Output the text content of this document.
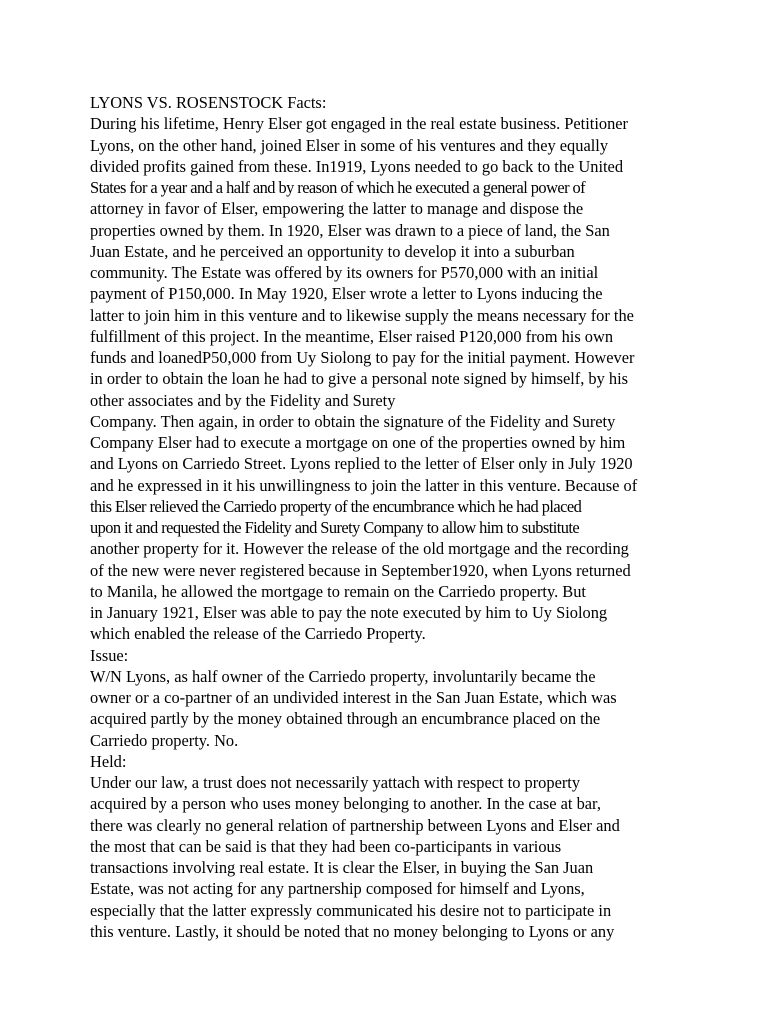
LYONS VS. ROSENSTOCK Facts:
During his lifetime, Henry Elser got engaged in the real estate business. Petitioner
Lyons, on the other hand, joined Elser in some of his ventures and they equally
divided profits gained from these. In1919, Lyons needed to go back to the United
States for a year and a half and by reason of which he executed a general power of
attorney in favor of Elser, empowering the latter to manage and dispose the
properties owned by them. In 1920, Elser was drawn to a piece of land, the San
Juan Estate, and he perceived an opportunity to develop it into a suburban
community. The Estate was offered by its owners for P570,000 with an initial
payment of P150,000. In May 1920, Elser wrote a letter to Lyons inducing the
latter to join him in this venture and to likewise supply the means necessary for the
fulfillment of this project. In the meantime, Elser raised P120,000 from his own
funds and loanedP50,000 from Uy Siolong to pay for the initial payment. However
in order to obtain the loan he had to give a personal note signed by himself, by his
other associates and by the Fidelity and Surety
Company. Then again, in order to obtain the signature of the Fidelity and Surety
Company Elser had to execute a mortgage on one of the properties owned by him
and Lyons on Carriedo Street. Lyons replied to the letter of Elser only in July 1920
and he expressed in it his unwillingness to join the latter in this venture. Because of
this Elser relieved the Carriedo property of the encumbrance which he had placed
upon it and requested the Fidelity and Surety Company to allow him to substitute
another property for it. However the release of the old mortgage and the recording
of the new were never registered because in September1920, when Lyons returned
to Manila, he allowed the mortgage to remain on the Carriedo property. But
in January 1921, Elser was able to pay the note executed by him to Uy Siolong
which enabled the release of the Carriedo Property.
Issue:
W/N Lyons, as half owner of the Carriedo property, involuntarily became the
owner or a co-partner of an undivided interest in the San Juan Estate, which was
acquired partly by the money obtained through an encumbrance placed on the
Carriedo property. No.
Held:
Under our law, a trust does not necessarily yattach with respect to property
acquired by a person who uses money belonging to another. In the case at bar,
there was clearly no general relation of partnership between Lyons and Elser and
the most that can be said is that they had been co-participants in various
transactions involving real estate. It is clear the Elser, in buying the San Juan
Estate, was not acting for any partnership composed for himself and Lyons,
especially that the latter expressly communicated his desire not to participate in
this venture. Lastly, it should be noted that no money belonging to Lyons or any
